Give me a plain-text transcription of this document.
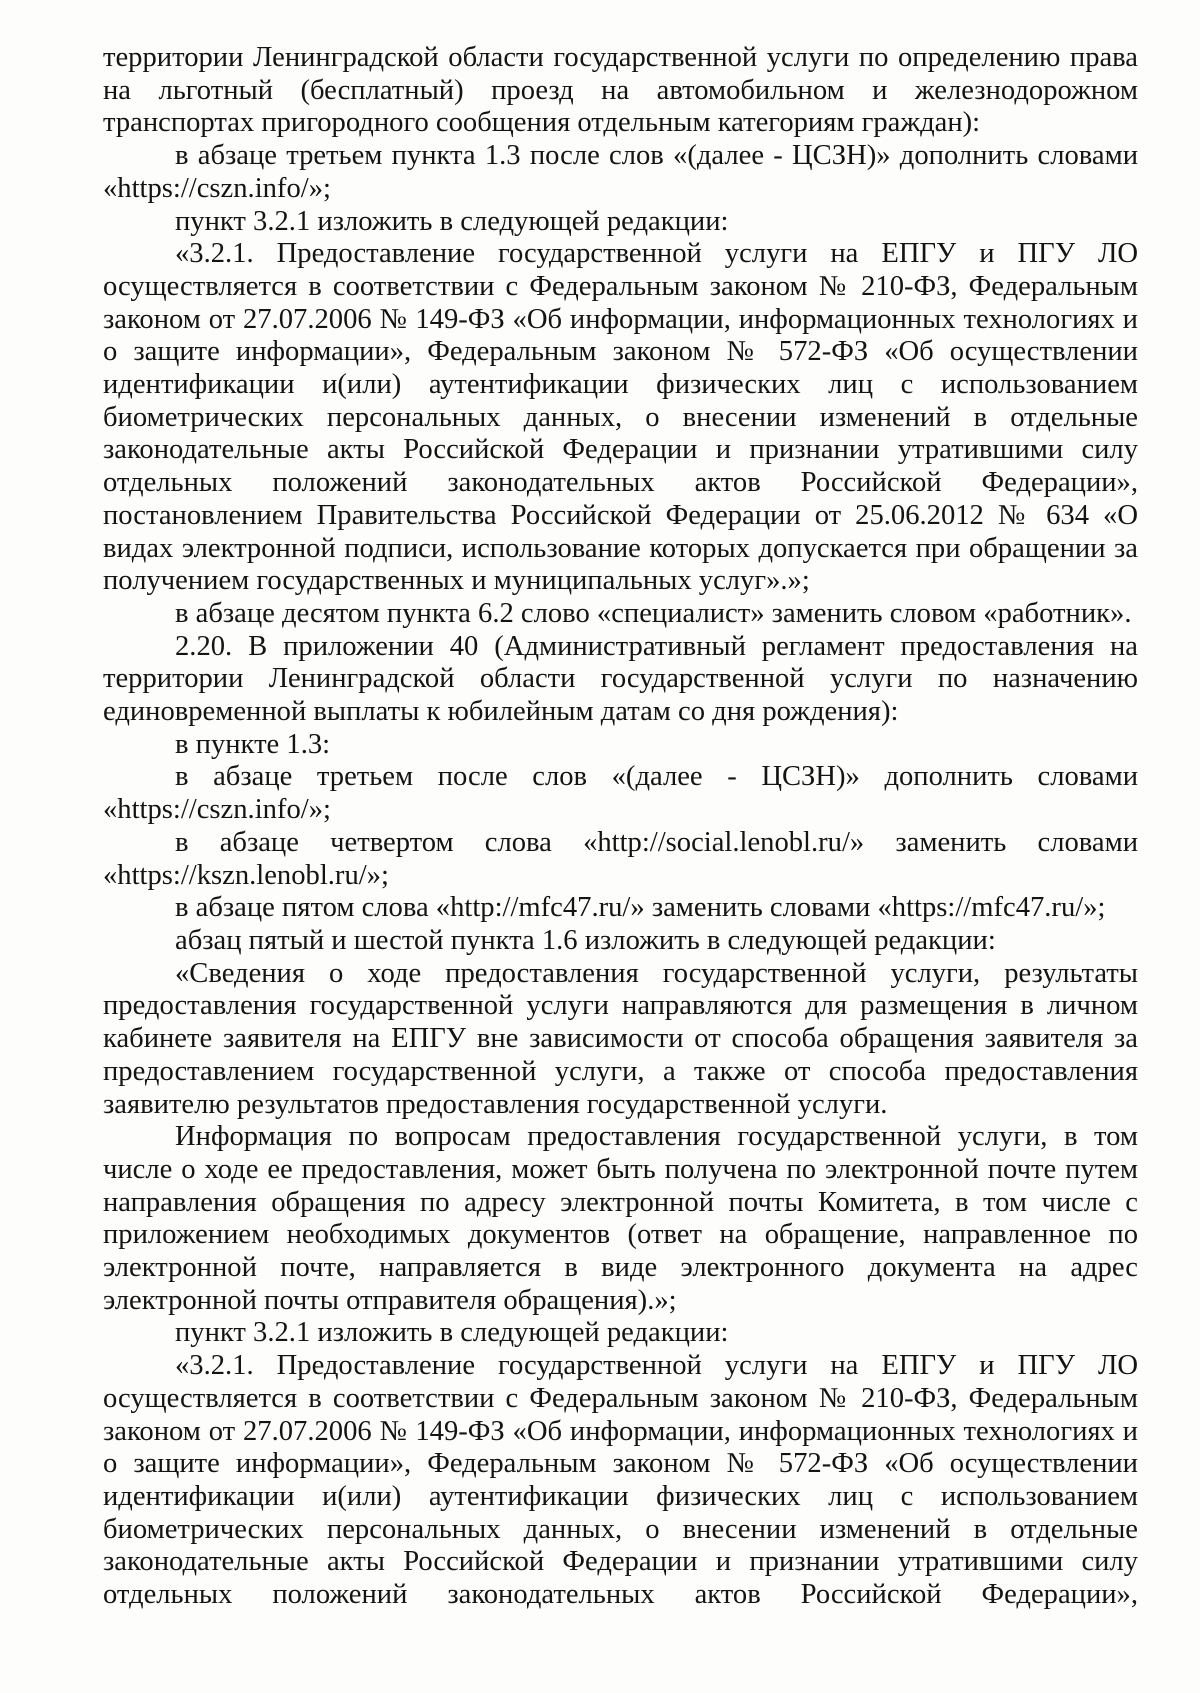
территории Ленинградской области государственной услуги по определению права на льготный (бесплатный) проезд на автомобильном и железнодорожном транспортах пригородного сообщения отдельным категориям граждан):

в абзаце третьем пункта 1.3 после слов «(далее - ЦСЗН)» дополнить словами «https://cszn.info/»;

пункт 3.2.1 изложить в следующей редакции:

«3.2.1. Предоставление государственной услуги на ЕПГУ и ПГУ ЛО осуществляется в соответствии с Федеральным законом № 210-ФЗ, Федеральным законом от 27.07.2006 № 149-ФЗ «Об информации, информационных технологиях и о защите информации», Федеральным законом № 572-ФЗ «Об осуществлении идентификации и(или) аутентификации физических лиц с использованием биометрических персональных данных, о внесении изменений в отдельные законодательные акты Российской Федерации и признании утратившими силу отдельных положений законодательных актов Российской Федерации», постановлением Правительства Российской Федерации от 25.06.2012 № 634 «О видах электронной подписи, использование которых допускается при обращении за получением государственных и муниципальных услуг».»;

в абзаце десятом пункта 6.2 слово «специалист» заменить словом «работник».

2.20. В приложении 40 (Административный регламент предоставления на территории Ленинградской области государственной услуги по назначению единовременной выплаты к юбилейным датам со дня рождения):

в пункте 1.3:

в абзаце третьем после слов «(далее - ЦСЗН)» дополнить словами «https://cszn.info/»;

в абзаце четвертом слова «http://social.lenobl.ru/» заменить словами «https://kszn.lenobl.ru/»;

в абзаце пятом слова «http://mfc47.ru/» заменить словами «https://mfc47.ru/»;

абзац пятый и шестой пункта 1.6 изложить в следующей редакции:

«Сведения о ходе предоставления государственной услуги, результаты предоставления государственной услуги направляются для размещения в личном кабинете заявителя на ЕПГУ вне зависимости от способа обращения заявителя за предоставлением государственной услуги, а также от способа предоставления заявителю результатов предоставления государственной услуги.

Информация по вопросам предоставления государственной услуги, в том числе о ходе ее предоставления, может быть получена по электронной почте путем направления обращения по адресу электронной почты Комитета, в том числе с приложением необходимых документов (ответ на обращение, направленное по электронной почте, направляется в виде электронного документа на адрес электронной почты отправителя обращения).»;

пункт 3.2.1 изложить в следующей редакции:

«3.2.1. Предоставление государственной услуги на ЕПГУ и ПГУ ЛО осуществляется в соответствии с Федеральным законом № 210-ФЗ, Федеральным законом от 27.07.2006 № 149-ФЗ «Об информации, информационных технологиях и о защите информации», Федеральным законом № 572-ФЗ «Об осуществлении идентификации и(или) аутентификации физических лиц с использованием биометрических персональных данных, о внесении изменений в отдельные законодательные акты Российской Федерации и признании утратившими силу отдельных положений законодательных актов Российской Федерации»,
